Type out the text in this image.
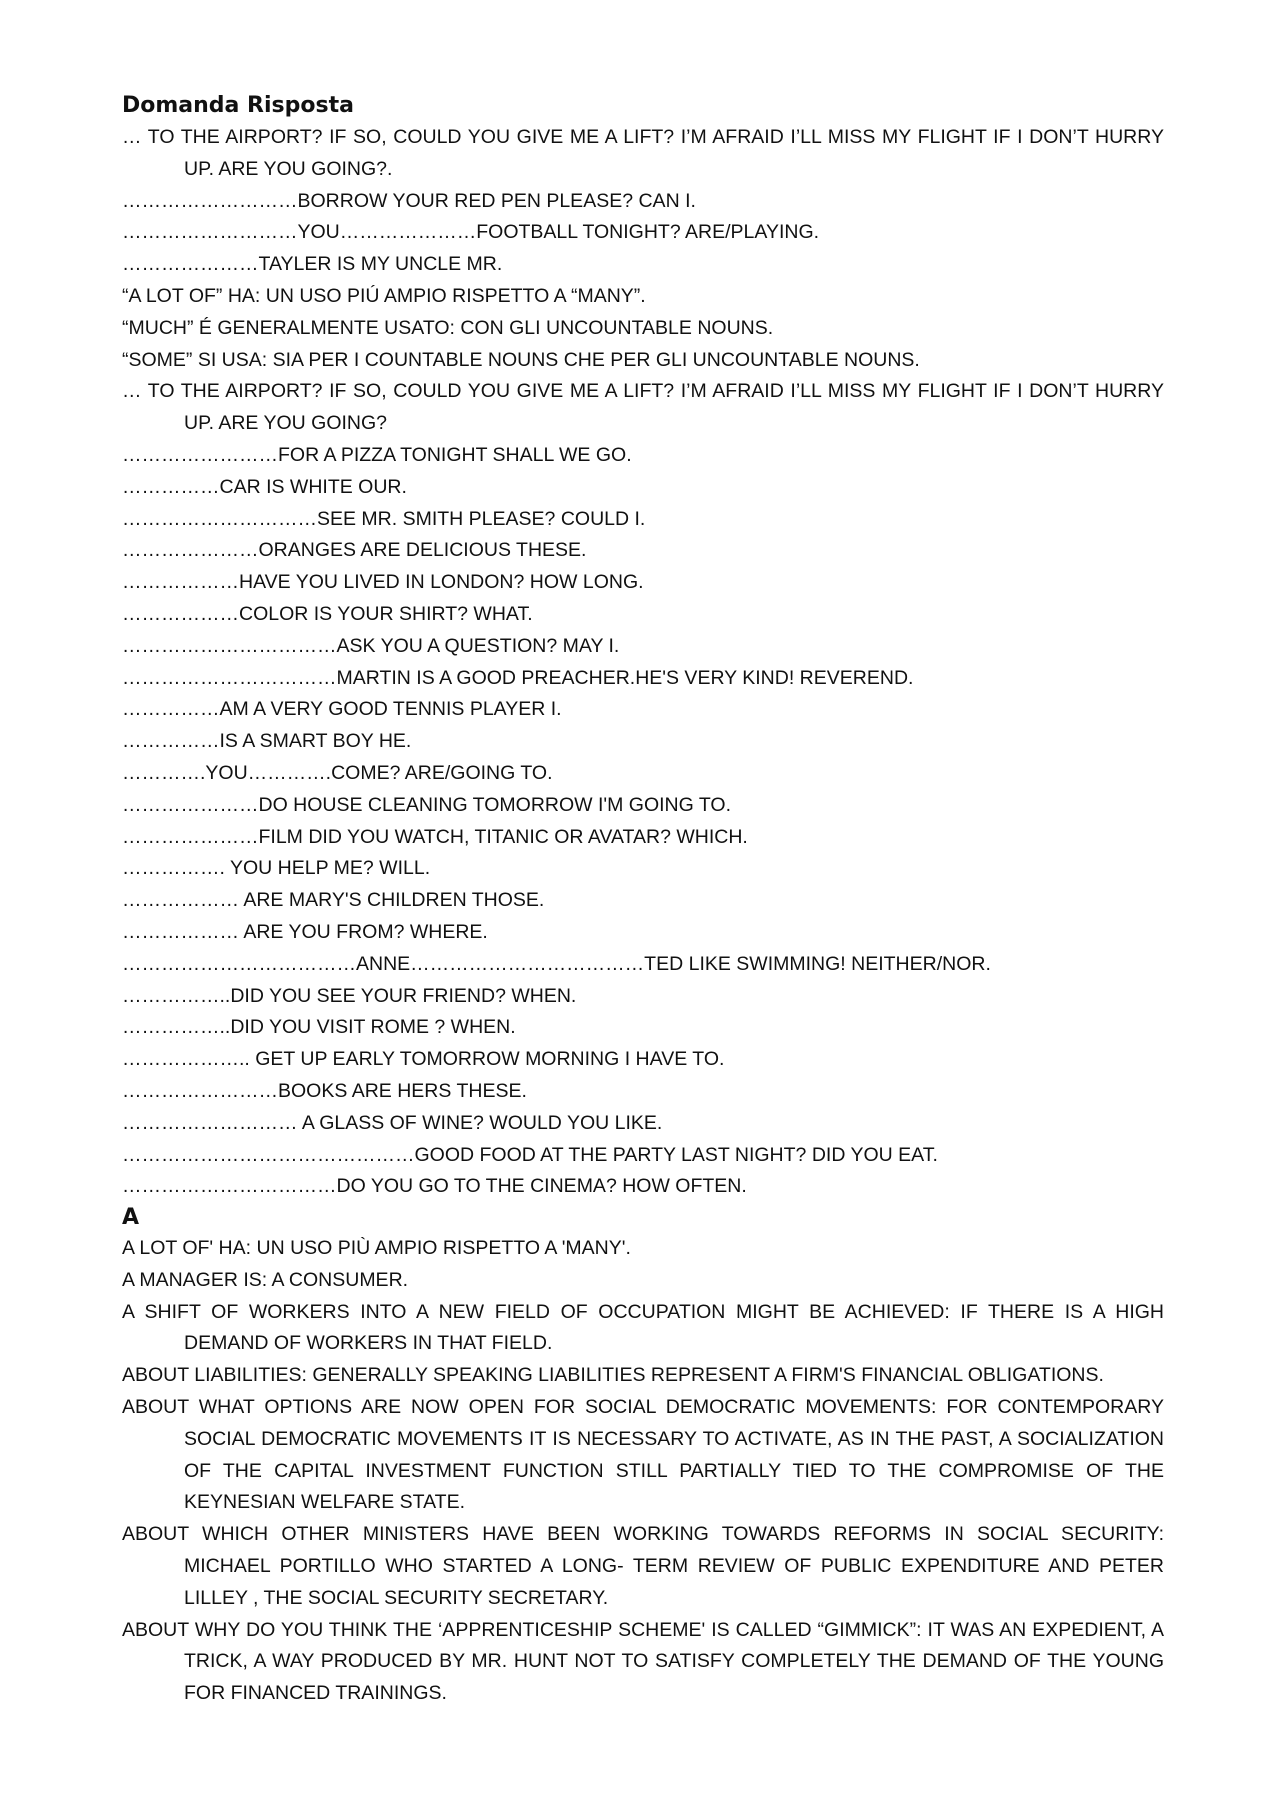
Domanda Risposta

… TO THE AIRPORT? IF SO, COULD YOU GIVE ME A LIFT? I’M AFRAID I’LL MISS MY FLIGHT IF I DON’T HURRY UP. ARE YOU GOING?.

………………………BORROW YOUR RED PEN PLEASE? CAN I.

………………………YOU…………………FOOTBALL TONIGHT? ARE/PLAYING.

…………………TAYLER IS MY UNCLE MR.

“A LOT OF” HA: UN USO PIÚ AMPIO RISPETTO A “MANY”.

“MUCH” É GENERALMENTE USATO: CON GLI UNCOUNTABLE NOUNS.

“SOME” SI USA: SIA PER I COUNTABLE NOUNS CHE PER GLI UNCOUNTABLE NOUNS.

… TO THE AIRPORT? IF SO, COULD YOU GIVE ME A LIFT? I’M AFRAID I’LL MISS MY FLIGHT IF I DON’T HURRY UP. ARE YOU GOING?

……………………FOR A PIZZA TONIGHT SHALL WE GO.

……………CAR IS WHITE OUR.

…………………………SEE MR. SMITH PLEASE? COULD I.

…………………ORANGES ARE DELICIOUS THESE.

………………HAVE YOU LIVED IN LONDON? HOW LONG.

………………COLOR IS YOUR SHIRT? WHAT.

……………………………ASK YOU A QUESTION? MAY I.

……………………………MARTIN IS A GOOD PREACHER.HE'S VERY KIND! REVEREND.

……………AM A VERY GOOD TENNIS PLAYER I.

……………IS A SMART BOY HE.

………….YOU………….COME? ARE/GOING TO.

…………………DO HOUSE CLEANING TOMORROW I'M GOING TO.

…………………FILM DID YOU WATCH, TITANIC OR AVATAR? WHICH.

……………. YOU HELP ME? WILL.

……………… ARE MARY'S CHILDREN THOSE.

……………… ARE YOU FROM? WHERE.

………………………………ANNE………………………………TED LIKE SWIMMING! NEITHER/NOR.

……………..DID YOU SEE YOUR FRIEND? WHEN.

……………..DID YOU VISIT ROME ? WHEN.

……………….. GET UP EARLY TOMORROW MORNING I HAVE TO.

……………………BOOKS ARE HERS THESE.

……………………… A GLASS OF WINE? WOULD YOU LIKE.

………………………………………GOOD FOOD AT THE PARTY LAST NIGHT? DID YOU EAT.

……………………………DO YOU GO TO THE CINEMA? HOW OFTEN.

A

A LOT OF' HA: UN USO PIÙ AMPIO RISPETTO A 'MANY'.

A MANAGER IS: A CONSUMER.

A SHIFT OF WORKERS INTO A NEW FIELD OF OCCUPATION MIGHT BE ACHIEVED: IF THERE IS A HIGH DEMAND OF WORKERS IN THAT FIELD.

ABOUT LIABILITIES: GENERALLY SPEAKING LIABILITIES REPRESENT A FIRM'S FINANCIAL OBLIGATIONS.

ABOUT WHAT OPTIONS ARE NOW OPEN FOR SOCIAL DEMOCRATIC MOVEMENTS: FOR CONTEMPORARY SOCIAL DEMOCRATIC MOVEMENTS IT IS NECESSARY TO ACTIVATE, AS IN THE PAST, A SOCIALIZATION OF THE CAPITAL INVESTMENT FUNCTION STILL PARTIALLY TIED TO THE COMPROMISE OF THE KEYNESIAN WELFARE STATE.

ABOUT WHICH OTHER MINISTERS HAVE BEEN WORKING TOWARDS REFORMS IN SOCIAL SECURITY: MICHAEL PORTILLO WHO STARTED A LONG- TERM REVIEW OF PUBLIC EXPENDITURE AND PETER LILLEY , THE SOCIAL SECURITY SECRETARY.

ABOUT WHY DO YOU THINK THE ‘APPRENTICESHIP SCHEME' IS CALLED “GIMMICK”: IT WAS AN EXPEDIENT, A TRICK, A WAY PRODUCED BY MR. HUNT NOT TO SATISFY COMPLETELY THE DEMAND OF THE YOUNG FOR FINANCED TRAININGS.
